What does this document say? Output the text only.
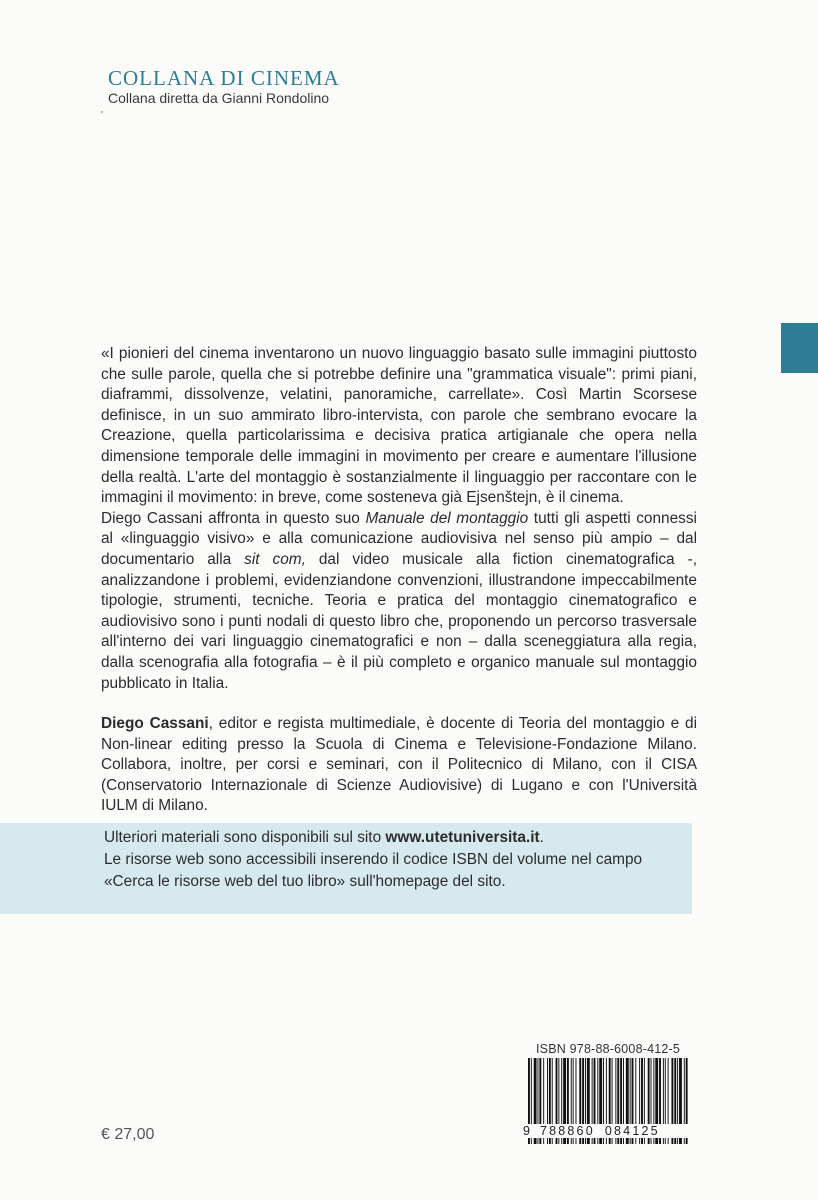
COLLANA DI CINEMA
Collana diretta da Gianni Rondolino
'

«I pionieri del cinema inventarono un nuovo linguaggio basato sulle immagini piuttosto che sulle parole, quella che si potrebbe definire una "grammatica visuale": primi piani, diaframmi, dissolvenze, velatini, panoramiche, carrellate». Così Martin Scorsese definisce, in un suo ammirato libro-intervista, con parole che sembrano evocare la Creazione, quella particolarissima e decisiva pratica artigianale che opera nella dimensione temporale delle immagini in movimento per creare e aumentare l'illusione della realtà. L'arte del montaggio è sostanzialmente il linguaggio per raccontare con le immagini il movimento: in breve, come sosteneva già Ejsenštejn, è il cinema.

Diego Cassani affronta in questo suo Manuale del montaggio tutti gli aspetti connessi al «linguaggio visivo» e alla comunicazione audiovisiva nel senso più ampio – dal documentario alla sit com, dal video musicale alla fiction cinematografica -, analizzandone i problemi, evidenziandone convenzioni, illustrandone impeccabilmente tipologie, strumenti, tecniche. Teoria e pratica del montaggio cinematografico e audiovisivo sono i punti nodali di questo libro che, proponendo un percorso trasversale all'interno dei vari linguaggio cinematografici e non – dalla sceneggiatura alla regia, dalla scenografia alla fotografia – è il più completo e organico manuale sul montaggio pubblicato in Italia.

Diego Cassani, editor e regista multimediale, è docente di Teoria del montaggio e di Non-linear editing presso la Scuola di Cinema e Televisione-Fondazione Milano. Collabora, inoltre, per corsi e seminari, con il Politecnico di Milano, con il CISA (Conservatorio Internazionale di Scienze Audiovisive) di Lugano e con l'Università IULM di Milano.

Ulteriori materiali sono disponibili sul sito www.utetuniversita.it.
Le risorse web sono accessibili inserendo il codice ISBN del volume nel campo «Cerca le risorse web del tuo libro» sull'homepage del sito.
ISBN 978-88-6008-412-5
9 788860 084125
€ 27,00
